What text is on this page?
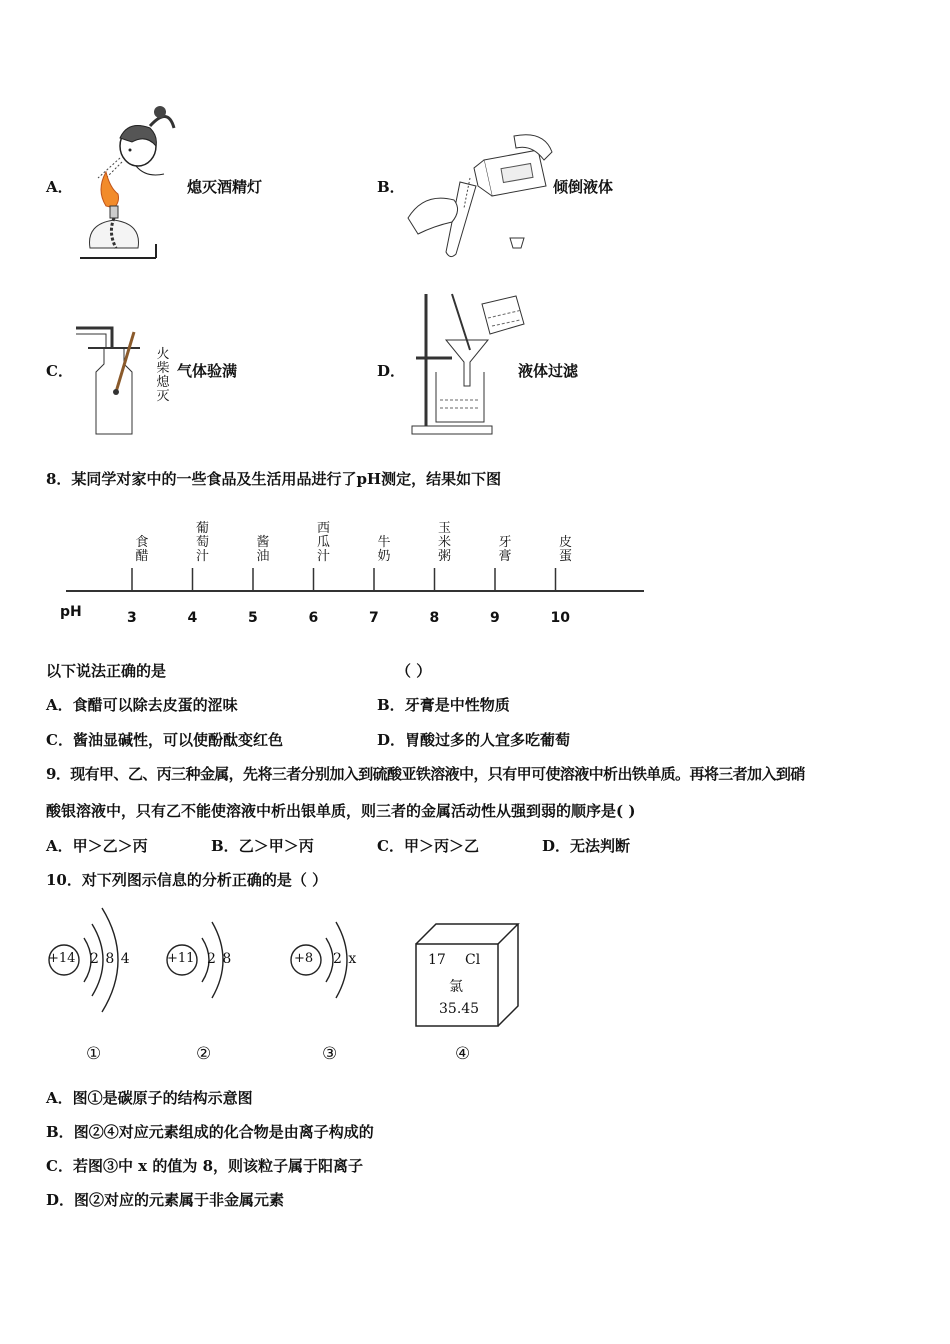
A．	熄灭酒精灯	B．	倾倒液体
C．
火柴熄灭
气体验满	D．	液体过滤
8．某同学对家中的一些食品及生活用品进行了pH测定，结果如下图
食醋
葡萄汁
酱油
西瓜汁
牛奶
玉米粥
牙膏
皮蛋
3	4	5	6	7	8	9	10
pH
以下说法正确的是	（ ）
A．食醋可以除去皮蛋的涩味	B．牙膏是中性物质
C．酱油显碱性，可以使酚酞变红色	D．胃酸过多的人宜多吃葡萄
9．现有甲、乙、丙三种金属，先将三者分别加入到硫酸亚铁溶液中，只有甲可使溶液中析出铁单质。再将三者加入到硝
酸银溶液中，只有乙不能使溶液中析出银单质，则三者的金属活动性从强到弱的顺序是( )
A．甲＞乙＞丙	B．乙＞甲＞丙	C．甲＞丙＞乙	D．无法判断
10．对下列图示信息的分析正确的是（ ）
+14 2 8 4
①
+11 2 8
②
+8 2 x
③
17 Cl
氯
35.45
④
A．图①是碳原子的结构示意图
B．图②④对应元素组成的化合物是由离子构成的
C．若图③中 x 的值为 8，则该粒子属于阳离子
D．图②对应的元素属于非金属元素
